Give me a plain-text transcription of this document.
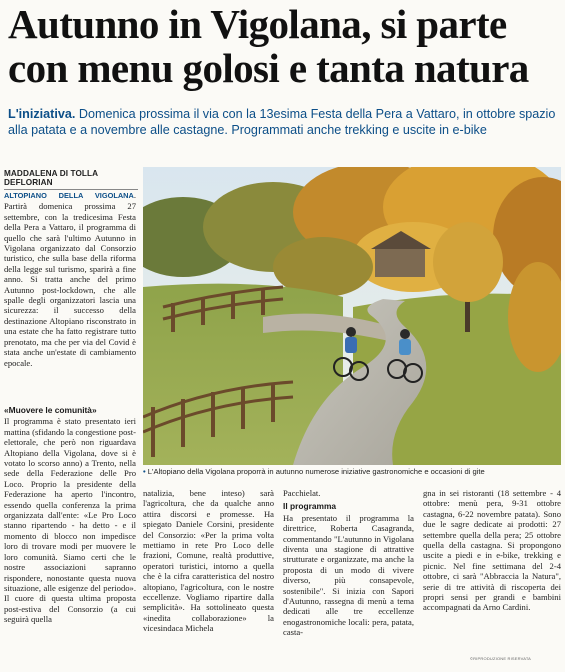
Autunno in Vigolana, si parte con menu golosi e tanta natura
L'iniziativa. Domenica prossima il via con la 13esima Festa della Pera a Vattaro, in ottobre spazio alla patata e a novembre alle castagne. Programmati anche trekking e uscite in e-bike
MADDALENA DI TOLLA DEFLORIAN

ALTOPIANO DELLA VIGOLANA. Partirà domenica prossima 27 settembre, con la tredicesima Festa della Pera a Vattaro, il programma di quello che sarà l'ultimo Autunno in Vigolana organizzato dal Consorzio turistico, che sulla base della riforma della legge sul turismo, sparirà a fine anno. Si tratta anche del primo Autunno post-lockdown, che alle spalle degli organizzatori lascia una sicurezza: il successo della destinazione Altopiano risconstrato in una estate che ha fatto registrare tutto prenotato, ma che per via del Covid è stata anche un'estate di cambiamento epocale.

«Muovere le comunità»

Il programma è stato presentato ieri mattina (sfidando la congestione post-elettorale, che però non riguardava Altopiano della Vigolana, dove si è votato lo scorso anno) a Trento, nella sede della Federazione delle Pro Loco. Proprio la presidente della Federazione ha aperto l'incontro, essendo quella conferenza la prima organizzata dall'ente: «Le Pro Loco stanno ripartendo - ha detto - e il momento di blocco non impedisce loro di trovare modi per muovere le loro comunità. Siamo certi che le nostre associazioni sapranno rispondere, nonostante questa nuova situazione, alle esigenze del periodo». Il cuore di questa ultima proposta post-estiva del Consorzio (a cui seguirà quella

• L'Altopiano della Vigolana proporrà in autunno numerose iniziative gastronomiche e occasioni di gite

natalizia, bene inteso) sarà l'agricoltura, che da qualche anno attira discorsi e promesse. Ha spiegato Daniele Corsini, presidente del Consorzio: «Per la prima volta mettiamo in rete Pro Loco delle frazioni, Comune, realtà produttive, operatori turistici, intorno a quella che è la cifra caratteristica del nostro altopiano, l'agricoltura, con le nostre eccellenze. Vogliamo ripartire dalla semplicità». Ha sottolineato questa «inedita collaborazione» la vicesindaca Michela

Pacchielat.

Il programma

Ha presentato il programma la direttrice, Roberta Casagranda, commentando "L'autunno in Vigolana diventa una stagione di attrattive strutturate e organizzate, ma anche la proposta di un modo di vivere diverso, più consapevole, sostenibile". Si inizia con Sapori d'Autunno, rassegna di menù a tema dedicati alle tre eccellenze enogastronomiche locali: pera, patata, casta-

gna in sei ristoranti (18 settembre - 4 ottobre: menù pera, 9-31 ottobre castagna, 6-22 novembre patata). Sono due le sagre dedicate ai prodotti: 27 settembre quella della pera; 25 ottobre quella della castagna. Si propongono uscite a piedi e in e-bike, trekking e picnic. Nel fine settimana del 2-4 ottobre, ci sarà "Abbraccia la Natura", serie di tre attività di riscoperta dei propri sensi per grandi e bambini accompagnati da Arno Cardini.

©RIPRODUZIONE RISERVATA
